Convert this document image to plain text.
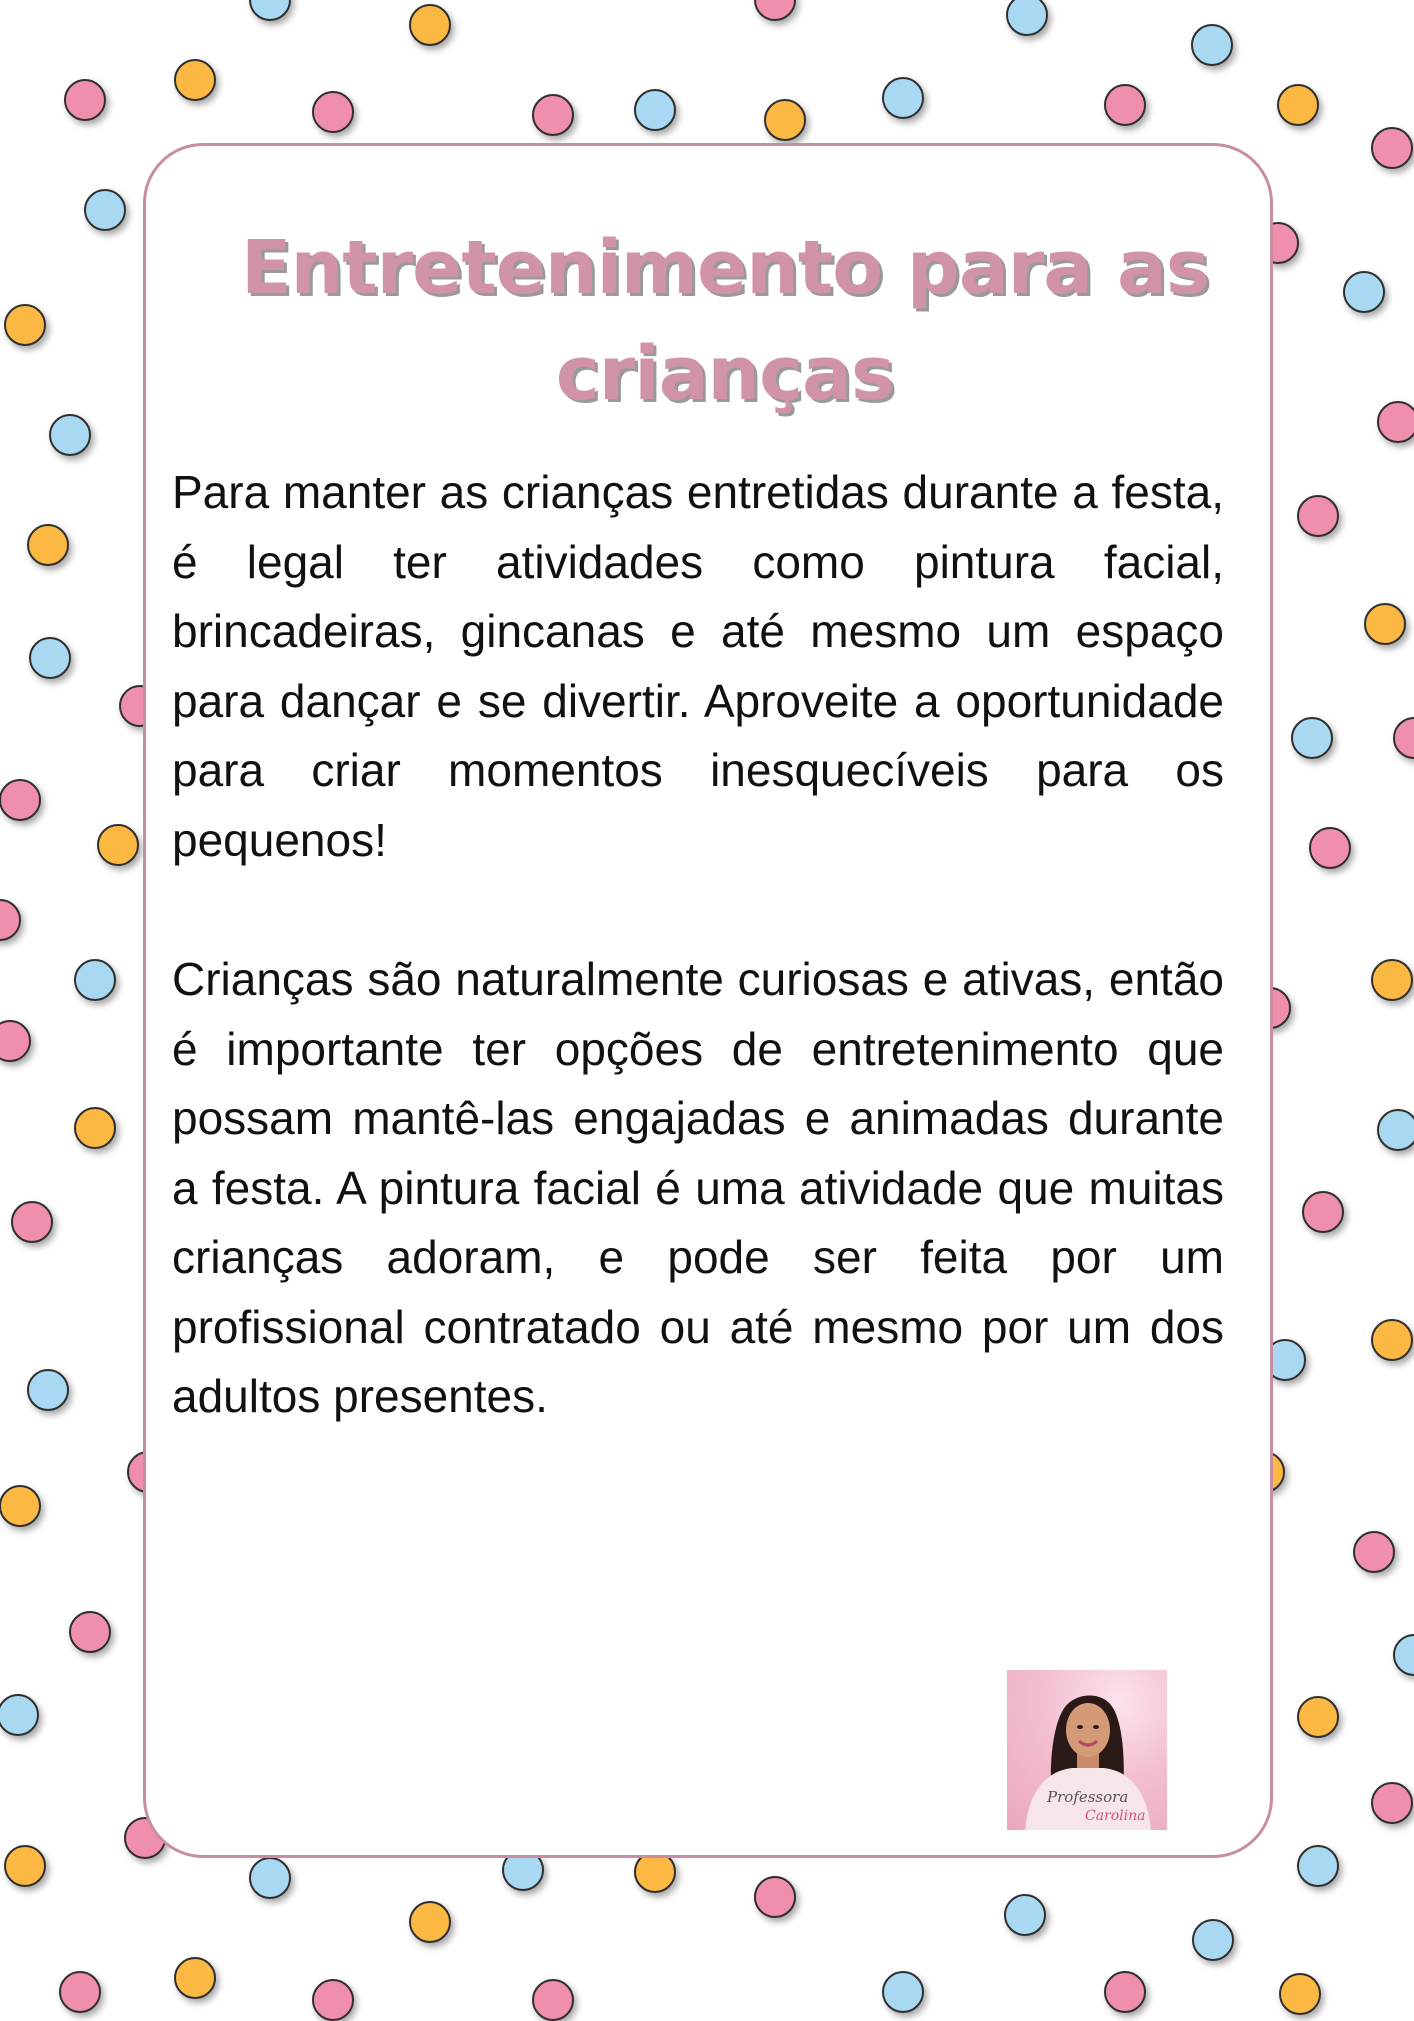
Entretenimento para as crianças

Para manter as crianças entretidas durante a festa, é legal ter atividades como pintura facial, brincadeiras, gincanas e até mesmo um espaço para dançar e se divertir. Aproveite a oportunidade para criar momentos inesquecíveis para os pequenos!

Crianças são naturalmente curiosas e ativas, então é importante ter opções de entretenimento que possam mantê-las engajadas e animadas durante a festa. A pintura facial é uma atividade que muitas crianças adoram, e pode ser feita por um profissional contratado ou até mesmo por um dos adultos presentes.

Professora
Carolina
